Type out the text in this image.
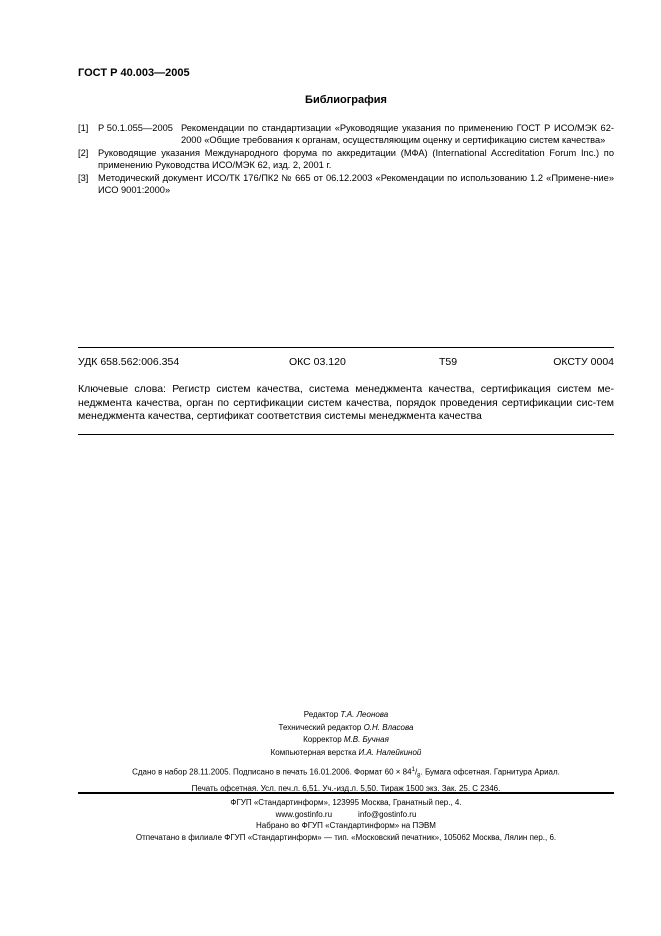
ГОСТ Р 40.003—2005
Библиография
[1] Р 50.1.055—2005 Рекомендации по стандартизации «Руководящие указания по применению ГОСТ Р ИСО/МЭК 62-2000 «Общие требования к органам, осуществляющим оценку и сертификацию систем качества»
[2] Руководящие указания Международного форума по аккредитации (МФА) (International Accreditation Forum Inc.) по применению Руководства ИСО/МЭК 62, изд. 2, 2001 г.
[3] Методический документ ИСО/ТК 176/ПК2 № 665 от 06.12.2003 «Рекомендации по использованию 1.2 «Примене-ние» ИСО 9001:2000»
УДК 658.562:006.354	ОКС 03.120	Т59	ОКСТУ 0004
Ключевые слова: Регистр систем качества, система менеджмента качества, сертификация систем ме-неджмента качества, орган по сертификации систем качества, порядок проведения сертификации сис-тем менеджмента качества, сертификат соответствия системы менеджмента качества
Редактор Т.А. Леонова
Технический редактор О.Н. Власова
Корректор М.В. Бучная
Компьютерная верстка И.А. Налейкиной
Сдано в набор 28.11.2005. Подписано в печать 16.01.2006. Формат $60 \times 84^1/_8$. Бумага офсетная. Гарнитура Ариал.
Печать офсетная. Усл. печ.л. 6,51. Уч.-изд.л. 5,50. Тираж 1500 экз. Зак. 25. С 2346.
ФГУП «Стандартинформ», 123995 Москва, Гранатный пер., 4.
www.gostinfo.ru	info@gostinfo.ru
Набрано во ФГУП «Стандартинформ» на ПЭВМ
Отпечатано в филиале ФГУП «Стандартинформ» — тип. «Московский печатник», 105062 Москва, Лялин пер., 6.
